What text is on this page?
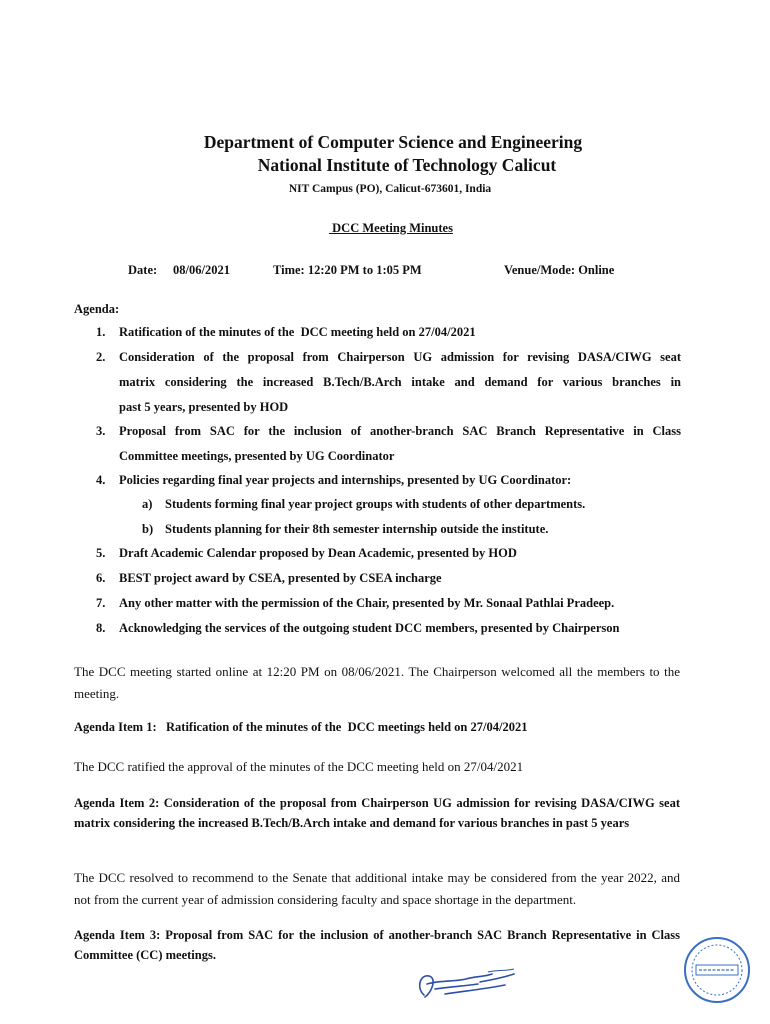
Department of Computer Science and Engineering
National Institute of Technology Calicut
NIT Campus (PO), Calicut-673601, India
DCC Meeting Minutes
Date: 08/06/2021	Time: 12:20 PM to 1:05 PM	Venue/Mode: Online
Agenda:
1. Ratification of the minutes of the  DCC meeting held on 27/04/2021
2. Consideration of the proposal from Chairperson UG admission for revising DASA/CIWG seat
matrix considering the increased B.Tech/B.Arch intake and demand for various branches in
past 5 years, presented by HOD
3. Proposal from SAC for the inclusion of another-branch SAC Branch Representative in Class
Committee meetings, presented by UG Coordinator
4. Policies regarding final year projects and internships, presented by UG Coordinator:
a) Students forming final year project groups with students of other departments.
b) Students planning for their 8th semester internship outside the institute.
5. Draft Academic Calendar proposed by Dean Academic, presented by HOD
6. BEST project award by CSEA, presented by CSEA incharge
7. Any other matter with the permission of the Chair, presented by Mr. Sonaal Pathlai Pradeep.
8. Acknowledging the services of the outgoing student DCC members, presented by Chairperson
The DCC meeting started online at 12:20 PM on 08/06/2021. The Chairperson welcomed all the members to the meeting.
Agenda Item 1:   Ratification of the minutes of the  DCC meetings held on 27/04/2021
The DCC ratified the approval of the minutes of the DCC meeting held on 27/04/2021
Agenda Item 2: Consideration of the proposal from Chairperson UG admission for revising DASA/CIWG seat matrix considering the increased B.Tech/B.Arch intake and demand for various branches in past 5 years
The DCC resolved to recommend to the Senate that additional intake may be considered from the year 2022, and not from the current year of admission considering faculty and space shortage in the department.
Agenda Item 3: Proposal from SAC for the inclusion of another-branch SAC Branch Representative in Class Committee (CC) meetings.
